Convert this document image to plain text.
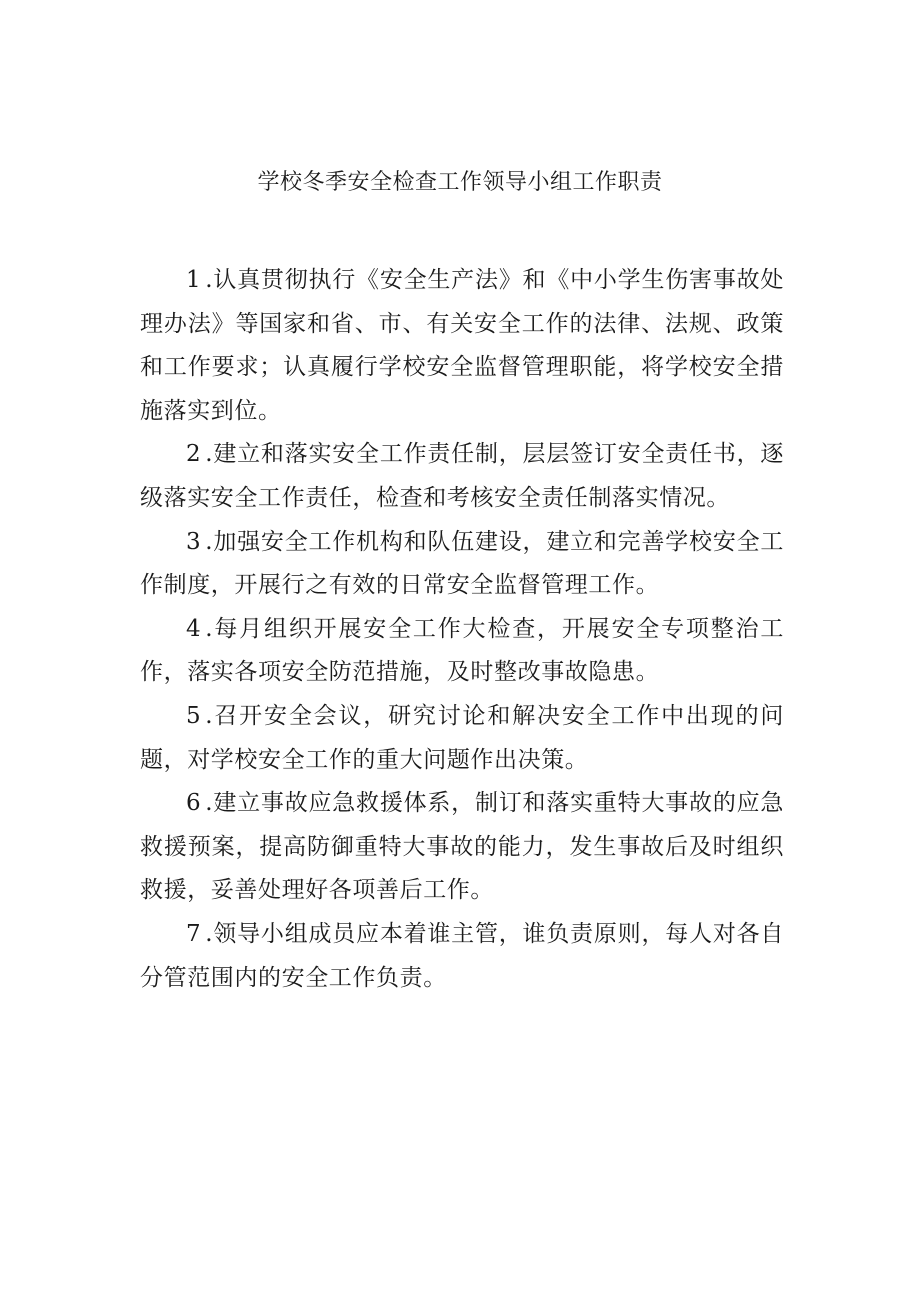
学校冬季安全检查工作领导小组工作职责

1 .认真贯彻执行《安全生产法》和《中小学生伤害事故处理办法》等国家和省、市、有关安全工作的法律、法规、政策和工作要求；认真履行学校安全监督管理职能，将学校安全措施落实到位。

2 .建立和落实安全工作责任制，层层签订安全责任书，逐级落实安全工作责任，检查和考核安全责任制落实情况。

3 .加强安全工作机构和队伍建设，建立和完善学校安全工作制度，开展行之有效的日常安全监督管理工作。

4 .每月组织开展安全工作大检查，开展安全专项整治工作，落实各项安全防范措施，及时整改事故隐患。

5 .召开安全会议，研究讨论和解决安全工作中出现的问题，对学校安全工作的重大问题作出决策。

6 .建立事故应急救援体系，制订和落实重特大事故的应急救援预案，提高防御重特大事故的能力，发生事故后及时组织救援，妥善处理好各项善后工作。

7 .领导小组成员应本着谁主管，谁负责原则，每人对各自分管范围内的安全工作负责。
